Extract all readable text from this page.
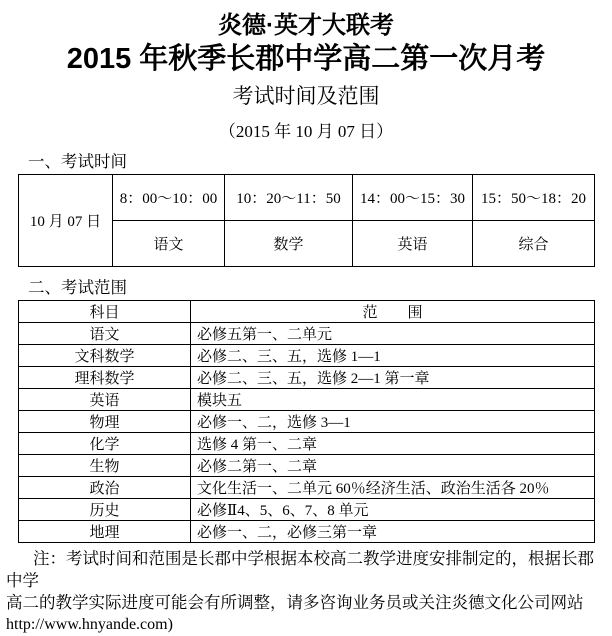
炎德·英才大联考
2015 年秋季长郡中学高二第一次月考
考试时间及范围
（2015 年 10 月 07 日）
一、考试时间
10 月 07 日	8：00～10：00	10：20～11：50	14：00～15：30	15：50～18：20
	语文	数学	英语	综合
二、考试范围
科目	范　　围
语文	必修五第一、二单元
文科数学	必修二、三、五，选修 1—1
理科数学	必修二、三、五，选修 2—1 第一章
英语	模块五
物理	必修一、二，选修 3—1
化学	选修 4 第一、二章
生物	必修二第一、二章
政治	文化生活一、二单元 60％经济生活、政治生活各 20％
历史	必修Ⅱ4、5、6、7、8 单元
地理	必修一、二，必修三第一章
注：考试时间和范围是长郡中学根据本校高二教学进度安排制定的，根据长郡中学
高二的教学实际进度可能会有所调整，请多咨询业务员或关注炎德文化公司网站
http://www.hnyande.com)
